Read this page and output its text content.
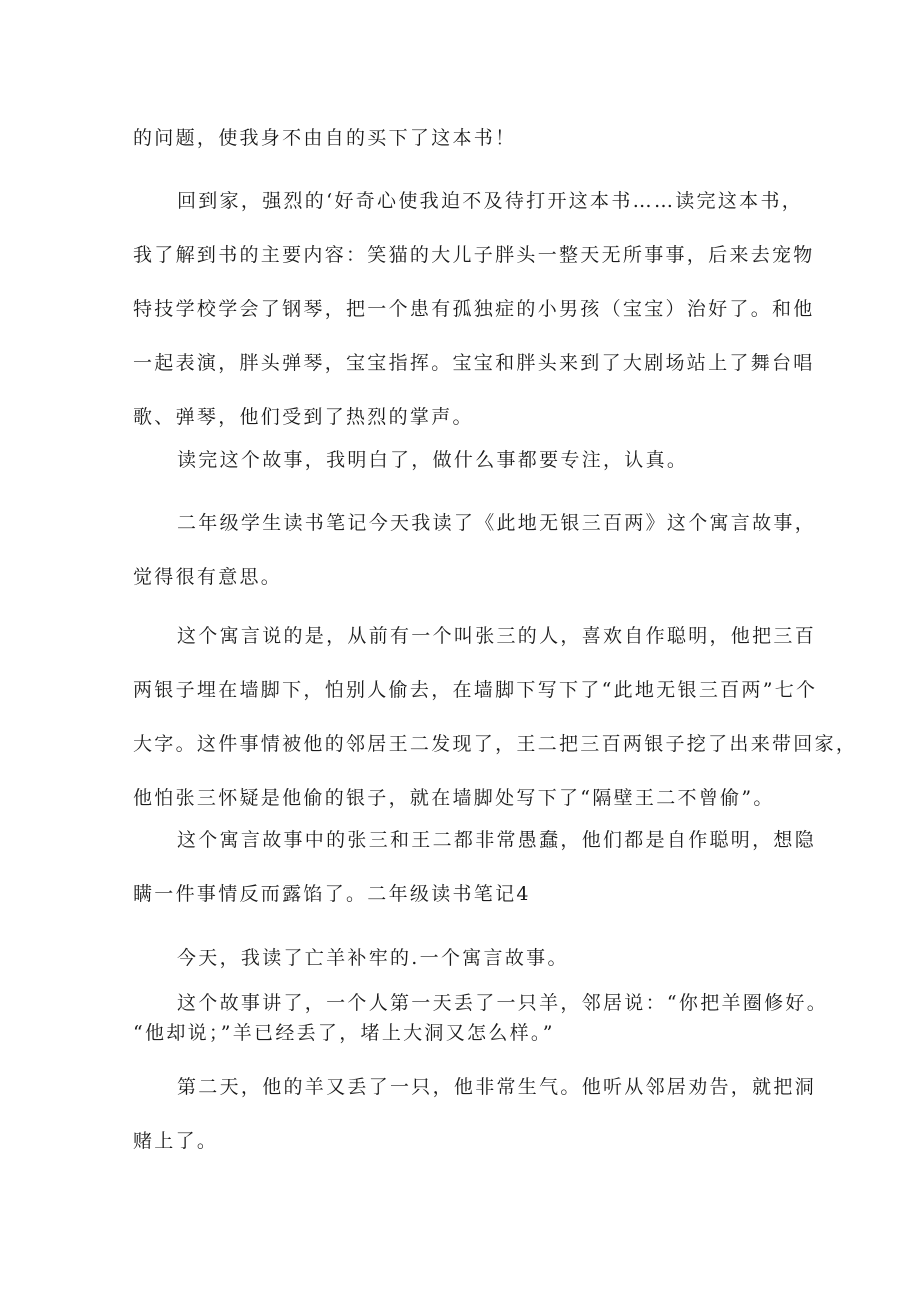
的问题，使我身不由自的买下了这本书！

回到家，强烈的‘好奇心使我迫不及待打开这本书……读完这本书，
我了解到书的主要内容：笑猫的大儿子胖头一整天无所事事，后来去宠物
特技学校学会了钢琴，把一个患有孤独症的小男孩（宝宝）治好了。和他
一起表演，胖头弹琴，宝宝指挥。宝宝和胖头来到了大剧场站上了舞台唱
歌、弹琴，他们受到了热烈的掌声。

读完这个故事，我明白了，做什么事都要专注，认真。

二年级学生读书笔记今天我读了《此地无银三百两》这个寓言故事，
觉得很有意思。

这个寓言说的是，从前有一个叫张三的人，喜欢自作聪明，他把三百
两银子埋在墙脚下，怕别人偷去，在墙脚下写下了“此地无银三百两”七个
大字。这件事情被他的邻居王二发现了，王二把三百两银子挖了出来带回家，
他怕张三怀疑是他偷的银子，就在墙脚处写下了“隔壁王二不曾偷”。

这个寓言故事中的张三和王二都非常愚蠢，他们都是自作聪明，想隐
瞒一件事情反而露馅了。二年级读书笔记4

今天，我读了亡羊补牢的.一个寓言故事。

这个故事讲了，一个人第一天丢了一只羊，邻居说：“你把羊圈修好。
“他却说；”羊已经丢了，堵上大洞又怎么样。”

第二天，他的羊又丢了一只，他非常生气。他听从邻居劝告，就把洞
赌上了。
